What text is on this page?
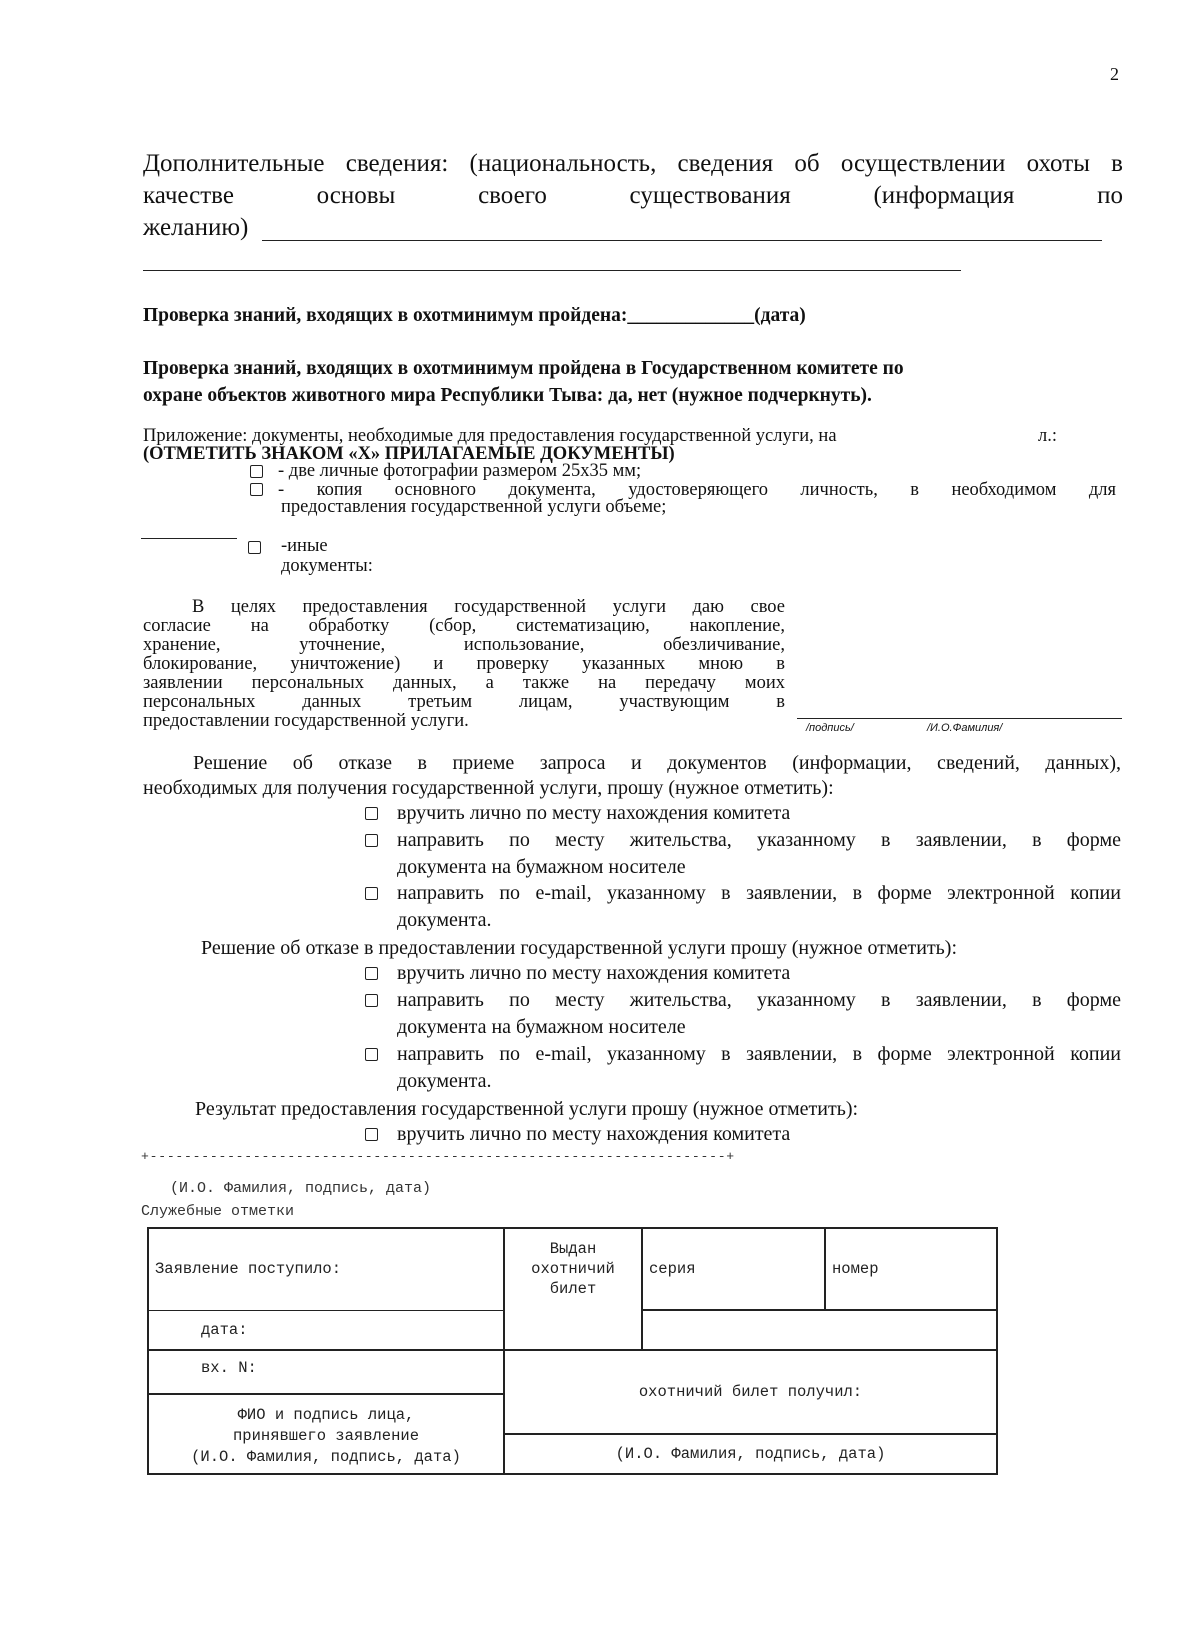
2
Дополнительные сведения: (национальность, сведения об осуществлении охоты в
качестве основы своего существования (информация по
желанию)
Проверка знаний, входящих в охотминимум пройдена:_____________(дата)
Проверка знаний, входящих в охотминимум пройдена в Государственном комитете по
охране объектов животного мира Республики Тыва: да, нет (нужное подчеркнуть).
Приложение: документы, необходимые для предоставления государственной услуги, на	л.:
(ОТМЕТИТЬ ЗНАКОМ «Х» ПРИЛАГАЕМЫЕ ДОКУМЕНТЫ)
- две личные фотографии размером 25х35 мм;
- копия основного документа, удостоверяющего личность, в необходимом для
предоставления государственной услуги объеме;
-иные
документы:
В целях предоставления государственной услуги даю свое
согласие на обработку (сбор, систематизацию, накопление,
хранение, уточнение, использование, обезличивание,
блокирование, уничтожение) и проверку указанных мною в
заявлении персональных данных, а также на передачу моих
персональных данных третьим лицам, участвующим в
предоставлении государственной услуги.	/подпись/	/И.О.Фамилия/
Решение об отказе в приеме запроса и документов (информации, сведений, данных),
необходимых для получения государственной услуги, прошу (нужное отметить):
вручить лично по месту нахождения комитета
направить по месту жительства, указанному в заявлении, в форме
документа на бумажном носителе
направить по e-mail, указанному в заявлении, в форме электронной копии
документа.
Решение об отказе в предоставлении государственной услуги прошу (нужное отметить):
вручить лично по месту нахождения комитета
направить по месту жительства, указанному в заявлении, в форме
документа на бумажном носителе
направить по e-mail, указанному в заявлении, в форме электронной копии
документа.
Результат предоставления государственной услуги прошу (нужное отметить):
вручить лично по месту нахождения комитета
+-------------------------------------------------------------------+
(И.О. Фамилия, подпись, дата)
Служебные отметки
Заявление поступило:	Выдан
охотничий
билет	серия	номер
дата:			
вх. N:	охотничий билет получил:		

ФИО и подпись лица,
принявшего заявление
(И.О. Фамилия, подпись, дата)			

	(И.О. Фамилия, подпись, дата)		
